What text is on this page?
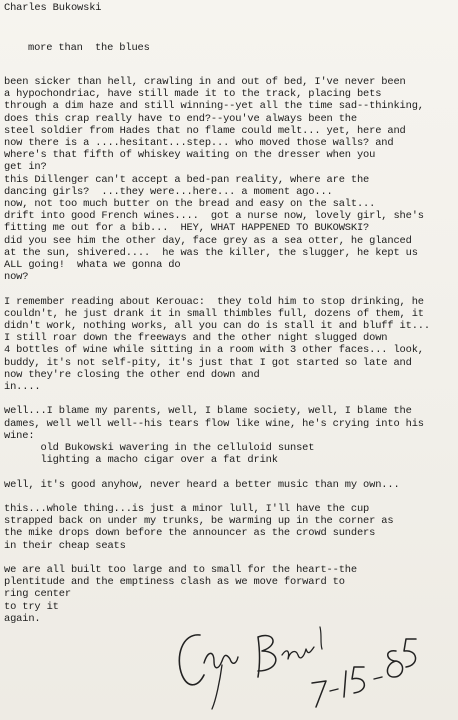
Charles Bukowski
more than  the blues
been sicker than hell, crawling in and out of bed, I've never been
a hypochondriac, have still made it to the track, placing bets
through a dim haze and still winning--yet all the time sad--thinking,
does this crap really have to end?--you've always been the
steel soldier from Hades that no flame could melt... yet, here and
now there is a ....hesitant...step... who moved those walls? and
where's that fifth of whiskey waiting on the dresser when you
get in?
this Dillenger can't accept a bed-pan reality, where are the
dancing girls?  ...they were...here... a moment ago...
now, not too much butter on the bread and easy on the salt...
drift into good French wines....  got a nurse now, lovely girl, she's
fitting me out for a bib...  HEY, WHAT HAPPENED TO BUKOWSKI?
did you see him the other day, face grey as a sea otter, he glanced
at the sun, shivered....  he was the killer, the slugger, he kept us
ALL going!  whata we gonna do
now?
I remember reading about Kerouac:  they told him to stop drinking, he
couldn't, he just drank it in small thimbles full, dozens of them, it
didn't work, nothing works, all you can do is stall it and bluff it...
I still roar down the freeways and the other night slugged down
4 bottles of wine while sitting in a room with 3 other faces... look,
buddy, it's not self-pity, it's just that I got started so late and
now they're closing the other end down and
in....
well...I blame my parents, well, I blame society, well, I blame the
dames, well well well--his tears flow like wine, he's crying into his
wine:
old Bukowski wavering in the celluloid sunset
lighting a macho cigar over a fat drink
well, it's good anyhow, never heard a better music than my own...
this...whole thing...is just a minor lull, I'll have the cup
strapped back on under my trunks, be warming up in the corner as
the mike drops down before the announcer as the crowd sunders
in their cheap seats
we are all built too large and to small for the heart--the
plentitude and the emptiness clash as we move forward to
ring center
to try it
again.
